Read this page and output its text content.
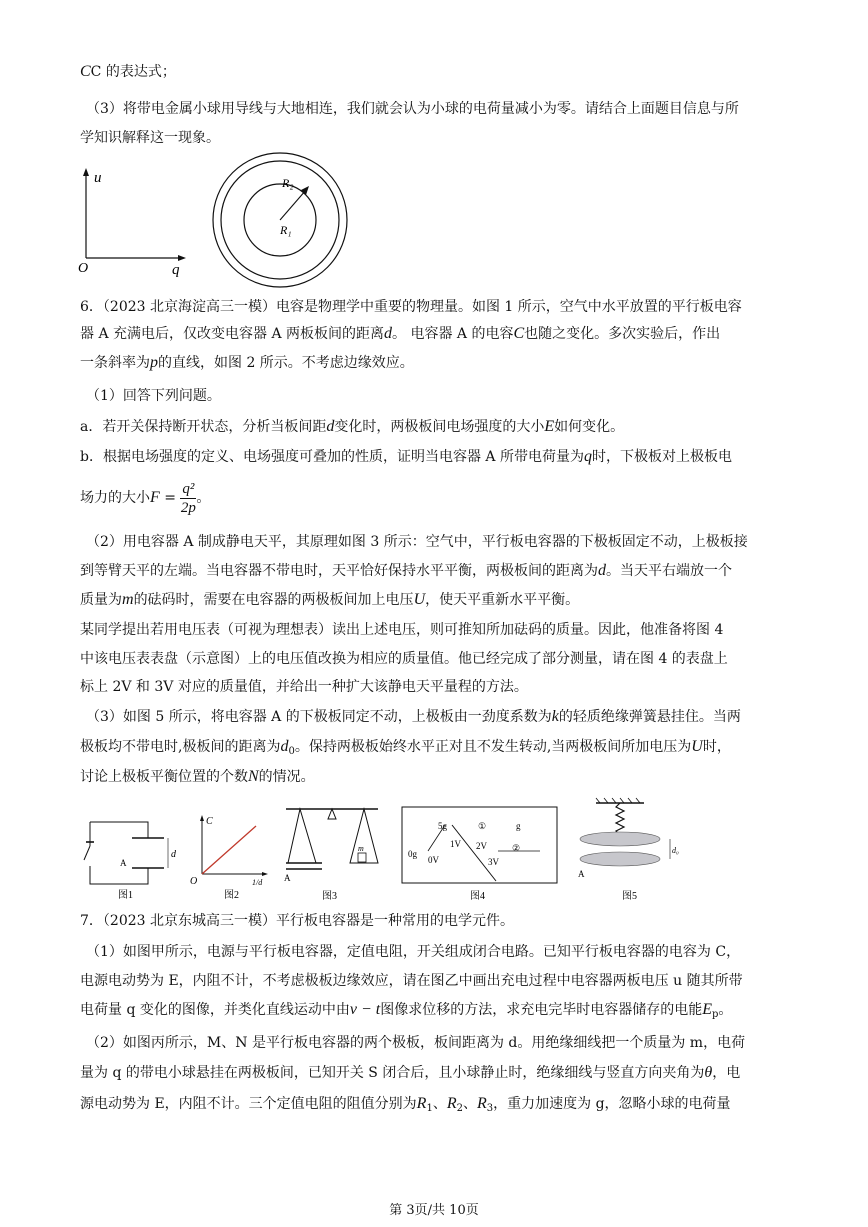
CC 的表达式；
（3）将带电金属小球用导线与大地相连，我们就会认为小球的电荷量减小为零。请结合上面题目信息与所
学知识解释这一现象。
u
O	q
R₂
R₁
6．（2023 北京海淀高三一模）电容是物理学中重要的物理量。如图 1 所示，空气中水平放置的平行板电容
器 A 充满电后，仅改变电容器 A 两板板间的距离d。 电容器 A 的电容C也随之变化。多次实验后，作出
一条斜率为p的直线，如图 2 所示。不考虑边缘效应。
（1）回答下列问题。
a．若开关保持断开状态，分析当板间距d变化时，两极板间电场强度的大小E如何变化。
b．根据电场强度的定义、电场强度可叠加的性质，证明当电容器 A 所带电荷量为q时，下极板对上极板电
场力的大小$F = \frac{\text{q²}}{2p}$ 。
（2）用电容器 A 制成静电天平，其原理如图 3 所示：空气中，平行板电容器的下极板固定不动，上极板接
到等臂天平的左端。当电容器不带电时，天平恰好保持水平平衡，两极板间的距离为d。当天平右端放一个
质量为m的砝码时，需要在电容器的两极板间加上电压U，使天平重新水平平衡。
某同学提出若用电压表（可视为理想表）读出上述电压，则可推知所加砝码的质量。因此，他准备将图 4
中该电压表表盘（示意图）上的电压值改换为相应的质量值。他已经完成了部分测量，请在图 4 的表盘上
标上 2V 和 3V 对应的质量值，并给出一种扩大该静电天平量程的方法。
（3）如图 5 所示，将电容器 A 的下极板同定不动，上极板由一劲度系数为k的轻质绝缘弹簧悬挂住。当两
极板均不带电时,极板间的距离为$d_0$。保持两极板始终水平正对且不发生转动,当两极板间所加电压为U时，
讨论上极板平衡位置的个数N的情况。
A
d
图1
C
O	1/d
图2
m
A
图3
5g
1V
0g
0V
①	g
2V	②
3V
图4
d₀
A
图5
7．（2023 北京东城高三一模）平行板电容器是一种常用的电学元件。
（1）如图甲所示，电源与平行板电容器，定值电阻，开关组成闭合电路。已知平行板电容器的电容为 C，
电源电动势为 E，内阻不计，不考虑极板边缘效应，请在图乙中画出充电过程中电容器两板电压 u 随其所带
电荷量 q 变化的图像，并类化直线运动中由v − t图像求位移的方法，求充电完毕时电容器储存的电能$E_p$。
（2）如图丙所示，M、N 是平行板电容器的两个极板，板间距离为 d。用绝缘细线把一个质量为 m，电荷
量为 q 的带电小球悬挂在两极板间，已知开关 S 闭合后，且小球静止时，绝缘细线与竖直方向夹角为θ，电
源电动势为 E，内阻不计。三个定值电阻的阻值分别为$R_1$、$R_2$、$R_3$，重力加速度为 g，忽略小球的电荷量
第 3页/共 10页
